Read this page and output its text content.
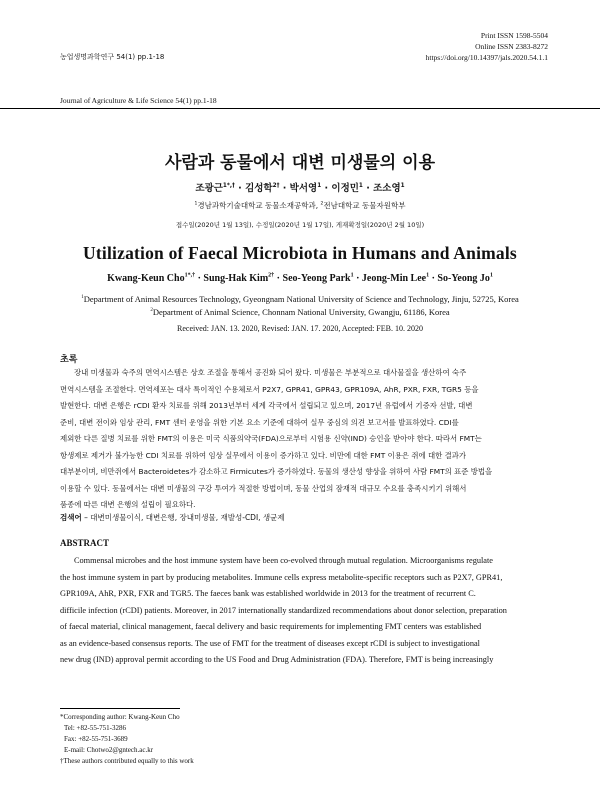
Print ISSN 1598-5504
Online ISSN 2383-8272
https://doi.org/10.14397/jals.2020.54.1.1
농업생명과학연구 54(1) pp.1-18
Journal of Agriculture & Life Science 54(1) pp.1-18
사람과 동물에서 대변 미생물의 이용
조광근$^{1*,\dagger}$ · 김성학$^{2\dagger}$ · 박서영$^1$ · 이정민$^1$ · 조소영$^1$
$^1$경남과학기술대학교 동물소재공학과, $^2$전남대학교 동물자원학부
접수일(2020년 1월 13일), 수정일(2020년 1월 17일), 게재확정일(2020년 2월 10일)
Utilization of Faecal Microbiota in Humans and Animals
Kwang-Keun Cho$^{1*,\dagger}$ · Sung-Hak Kim$^{2\dagger}$ · Seo-Yeong Park$^1$ · Jeong-Min Lee$^1$ · So-Yeong Jo$^1$
$^1$Department of Animal Resources Technology, Gyeongnam National University of Science and Technology, Jinju, 52725, Korea
$^2$Department of Animal Science, Chonnam National University, Gwangju, 61186, Korea
Received: JAN. 13. 2020, Revised: JAN. 17. 2020, Accepted: FEB. 10. 2020
초록
장내 미생물과 숙주의 면역시스템은 상호 조절을 통해서 공진화 되어 왔다. 미생물은 부분적으로 대사물질을 생산하여 숙주
면역시스템을 조절한다. 면역세포는 대사 특이적인 수용체로서 P2X7, GPR41, GPR43, GPR109A, AhR, PXR, FXR, TGR5 등을
발현한다. 대변 은행은 rCDI 환자 치료를 위해 2013년부터 세계 각국에서 설립되고 있으며, 2017년 유럽에서 기증자 선발, 대변
준비, 대변 전이와 임상 관리, FMT 센터 운영을 위한 기본 요소 기준에 대하여 실무 중심의 의견 보고서를 발표하였다. CDI를
제외한 다른 질병 치료를 위한 FMT의 이용은 미국 식품의약국(FDA)으로부터 시험용 신약(IND) 승인을 받아야 한다. 따라서 FMT는
항생제로 제거가 불가능한 CDI 치료를 위하여 임상 실무에서 이용이 증가하고 있다. 비만에 대한 FMT 이용은 쥐에 대한 결과가
대부분이며, 비만쥐에서 Bacteroidetes가 감소하고 Firmicutes가 증가하였다. 동물의 생산성 향상을 위하여 사람 FMT의 표준 방법을
이용할 수 있다. 동물에서는 대변 미생물의 구강 투여가 적절한 방법이며, 동물 산업의 잠재적 대규모 수요를 충족시키기 위해서
품종에 따른 대변 은행의 설립이 필요하다.
검색어 – 대변미생물이식, 대변은행, 장내미생물, 재발성-CDI, 생균제
ABSTRACT
Commensal microbes and the host immune system have been co-evolved through mutual regulation. Microorganisms regulate
the host immune system in part by producing metabolites. Immune cells express metabolite-specific receptors such as P2X7, GPR41,
GPR109A, AhR, PXR, FXR and TGR5. The faeces bank was established worldwide in 2013 for the treatment of recurrent C.
difficile infection (rCDI) patients. Moreover, in 2017 internationally standardized recommendations about donor selection, preparation
of faecal material, clinical management, faecal delivery and basic requirements for implementing FMT centers was established
as an evidence-based consensus reports. The use of FMT for the treatment of diseases except rCDI is subject to investigational
new drug (IND) approval permit according to the US Food and Drug Administration (FDA). Therefore, FMT is being increasingly
*Corresponding author: Kwang-Keun Cho
Tel: +82-55-751-3286
Fax: +82-55-751-3689
E-mail: Chotwo2@gntech.ac.kr
†These authors contributed equally to this work
